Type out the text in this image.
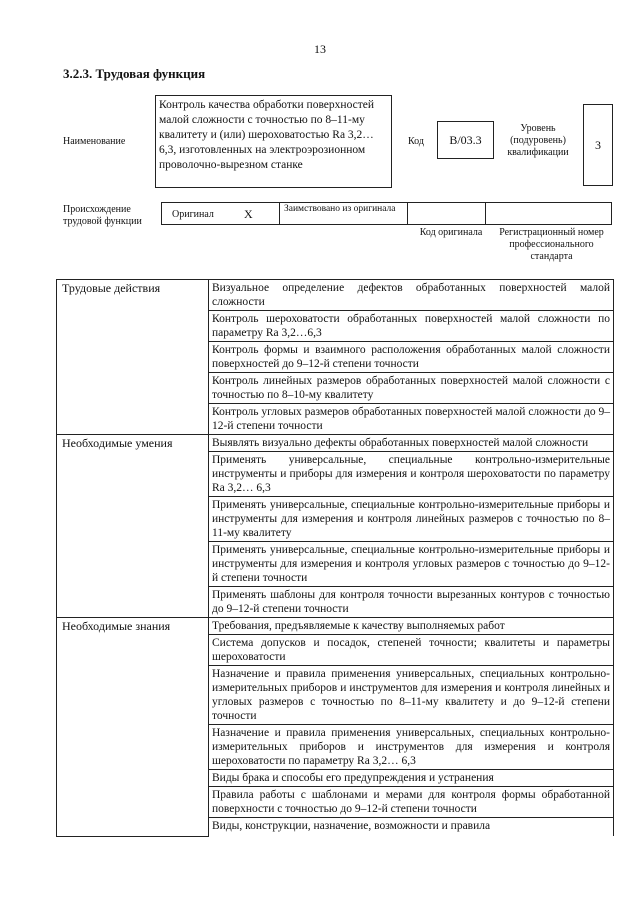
13
3.2.3. Трудовая функция
Наименование
Контроль качества обработки поверхностей малой сложности с точностью по 8–11-му квалитету и (или) шероховатостью Ra 3,2…6,3, изготовленных на электроэрозионном проволочно-вырезном станке
Код	B/03.3
Уровень (подуровень) квалификации
3
Происхождение трудовой функции
Оригинал	X	Заимствовано из оригинала
Код оригинала	Регистрационный номер профессионального стандарта
Трудовые действия	Визуальное определение дефектов обработанных поверхностей малой сложности
	Контроль шероховатости обработанных поверхностей малой сложности по параметру Ra 3,2…6,3
	Контроль формы и взаимного расположения обработанных малой сложности поверхностей до 9–12-й степени точности
	Контроль линейных размеров обработанных поверхностей малой сложности с точностью по 8–10-му квалитету
	Контроль угловых размеров обработанных поверхностей малой сложности до 9–12-й степени точности
Необходимые умения	Выявлять визуально дефекты обработанных поверхностей малой сложности
	Применять универсальные, специальные контрольно-измерительные инструменты и приборы для измерения и контроля шероховатости по параметру Ra 3,2… 6,3
	Применять универсальные, специальные контрольно-измерительные приборы и инструменты для измерения и контроля линейных размеров с точностью по 8–11-му квалитету
	Применять универсальные, специальные контрольно-измерительные приборы и инструменты для измерения и контроля угловых размеров с точностью до 9–12-й степени точности
	Применять шаблоны для контроля точности вырезанных контуров с точностью до 9–12-й степени точности
Необходимые знания	Требования, предъявляемые к качеству выполняемых работ
	Система допусков и посадок, степеней точности; квалитеты и параметры шероховатости
	Назначение и правила применения универсальных, специальных контрольно-измерительных приборов и инструментов для измерения и контроля линейных и угловых размеров с точностью по 8–11-му квалитету и до 9–12-й степени точности
	Назначение и правила применения универсальных, специальных контрольно-измерительных приборов и инструментов для измерения и контроля шероховатости по параметру Ra 3,2… 6,3
	Виды брака и способы его предупреждения и устранения
	Правила работы с шаблонами и мерами для контроля формы обработанной поверхности с точностью до 9–12-й степени точности
	Виды, конструкции, назначение, возможности и правила
